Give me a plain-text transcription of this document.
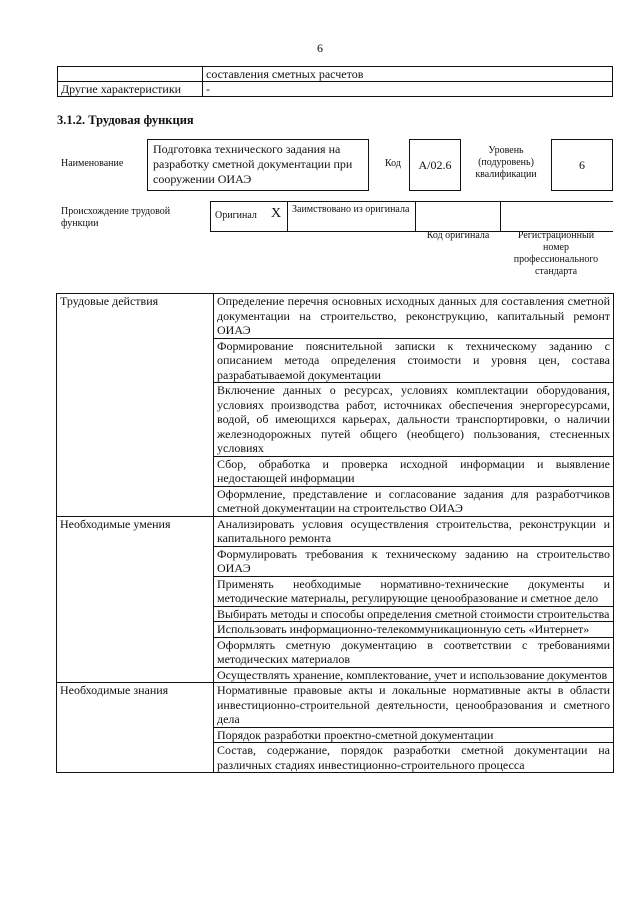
6
	составления сметных расчетов
Другие характеристики	-
3.1.2. Трудовая функция
Наименование
Подготовка технического задания на разработку сметной документации при сооружении ОИАЭ
Код	A/02.6
Уровень (подуровень) квалификации
6
Происхождение трудовой функции
Оригинал X Заимствовано из оригинала
Код оригинала	Регистрационный номер профессионального стандарта
Трудовые действия	Определение перечня основных исходных данных для составления сметной документации на строительство, реконструкцию, капитальный ремонт ОИАЭ
	Формирование пояснительной записки к техническому заданию с описанием метода определения стоимости и уровня цен, состава разрабатываемой документации
	Включение данных о ресурсах, условиях комплектации оборудования, условиях производства работ, источниках обеспечения энергоресурсами, водой, об имеющихся карьерах, дальности транспортировки, о наличии железнодорожных путей общего (необщего) пользования, стесненных условиях
	Сбор, обработка и проверка исходной информации и выявление недостающей информации
	Оформление, представление и согласование задания для разработчиков сметной документации на строительство ОИАЭ
Необходимые умения	Анализировать условия осуществления строительства, реконструкции и капитального ремонта
	Формулировать требования к техническому заданию на строительство ОИАЭ
	Применять необходимые нормативно-технические документы и методические материалы, регулирующие ценообразование и сметное дело
	Выбирать методы и способы определения сметной стоимости строительства
	Использовать информационно-телекоммуникационную сеть «Интернет»
	Оформлять сметную документацию в соответствии с требованиями методических материалов
	Осуществлять хранение, комплектование, учет и использование документов
Необходимые знания	Нормативные правовые акты и локальные нормативные акты в области инвестиционно-строительной деятельности, ценообразования и сметного дела
	Порядок разработки проектно-сметной документации
	Состав, содержание, порядок разработки сметной документации на различных стадиях инвестиционно-строительного процесса
